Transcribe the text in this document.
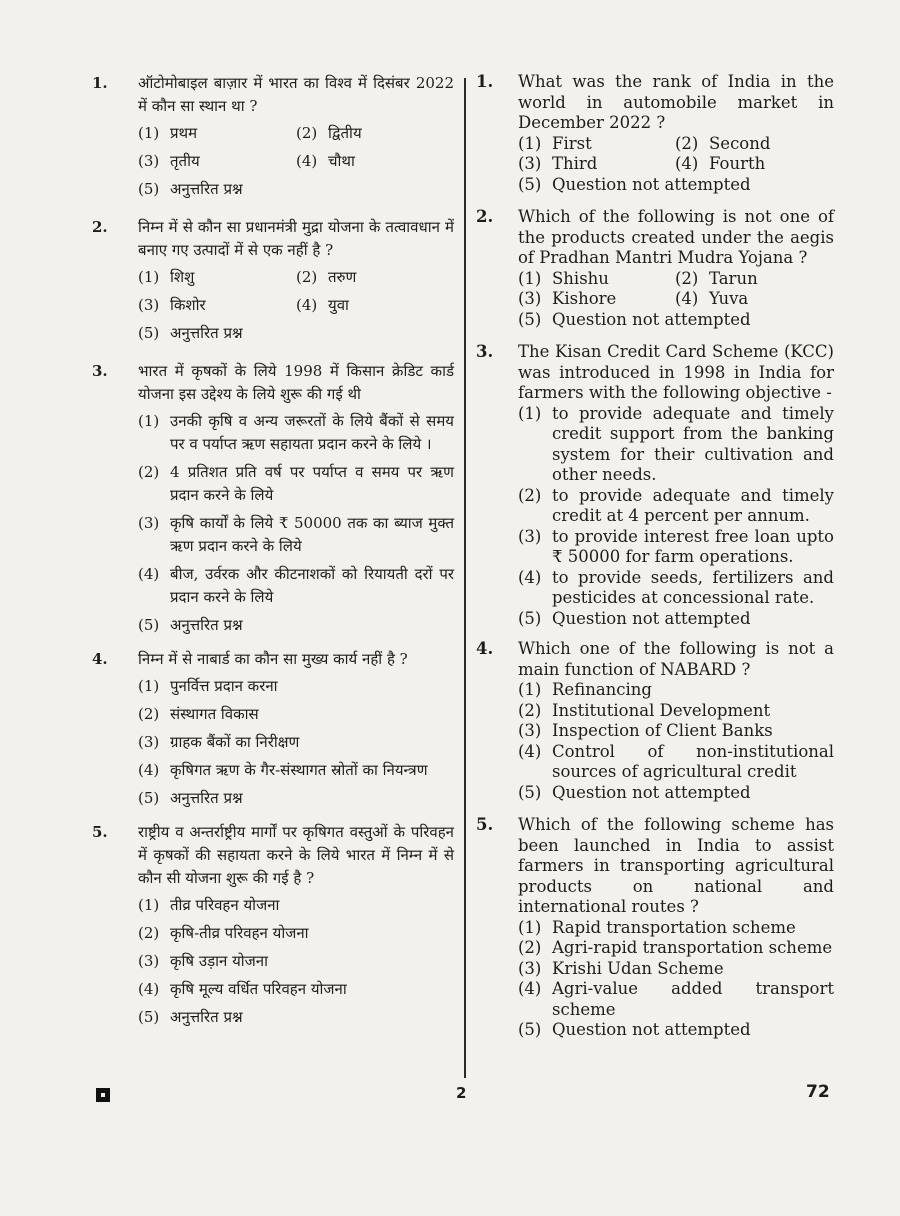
1.	ऑटोमोबाइल बाज़ार में भारत का विश्व में दिसंबर 2022 में कौन सा स्थान था ?
(1) प्रथम	(2) द्वितीय
(3) तृतीय	(4) चौथा
(5) अनुत्तरित प्रश्न
2.	निम्न में से कौन सा प्रधानमंत्री मुद्रा योजना के तत्वावधान में बनाए गए उत्पादों में से एक नहीं है ?
(1) शिशु	(2) तरुण
(3) किशोर	(4) युवा
(5) अनुत्तरित प्रश्न
3.	भारत में कृषकों के लिये 1998 में किसान क्रेडिट कार्ड योजना इस उद्देश्य के लिये शुरू की गई थी
(1) उनकी कृषि व अन्य जरूरतों के लिये बैंकों से समय पर व पर्याप्त ऋण सहायता प्रदान करने के लिये ।
(2) 4 प्रतिशत प्रति वर्ष पर पर्याप्त व समय पर ऋण प्रदान करने के लिये
(3) कृषि कार्यों के लिये ₹ 50000 तक का ब्याज मुक्त ऋण प्रदान करने के लिये
(4) बीज, उर्वरक और कीटनाशकों को रियायती दरों पर प्रदान करने के लिये
(5) अनुत्तरित प्रश्न
4.	निम्न में से नाबार्ड का कौन सा मुख्य कार्य नहीं है ?
(1) पुनर्वित्त प्रदान करना
(2) संस्थागत विकास
(3) ग्राहक बैंकों का निरीक्षण
(4) कृषिगत ऋण के गैर-संस्थागत स्रोतों का नियन्त्रण
(5) अनुत्तरित प्रश्न
5.	राष्ट्रीय व अन्तर्राष्ट्रीय मार्गों पर कृषिगत वस्तुओं के परिवहन में कृषकों की सहायता करने के लिये भारत में निम्न में से कौन सी योजना शुरू की गई है ?
(1) तीव्र परिवहन योजना
(2) कृषि-तीव्र परिवहन योजना
(3) कृषि उड़ान योजना
(4) कृषि मूल्य वर्धित परिवहन योजना
(5) अनुत्तरित प्रश्न
1.	What was the rank of India in the world in automobile market in December 2022 ?
(1) First	(2) Second
(3) Third	(4) Fourth
(5) Question not attempted
2.	Which of the following is not one of the products created under the aegis of Pradhan Mantri Mudra Yojana ?
(1) Shishu	(2) Tarun
(3) Kishore	(4) Yuva
(5) Question not attempted
3.	The Kisan Credit Card Scheme (KCC) was introduced in 1998 in India for farmers with the following objective -
(1) to provide adequate and timely credit support from the banking system for their cultivation and other needs.
(2) to provide adequate and timely credit at 4 percent per annum.
(3) to provide interest free loan upto ₹ 50000 for farm operations.
(4) to provide seeds, fertilizers and pesticides at concessional rate.
(5) Question not attempted
4.	Which one of the following is not a main function of NABARD ?
(1) Refinancing
(2) Institutional Development
(3) Inspection of Client Banks
(4) Control of non-institutional sources of agricultural credit
(5) Question not attempted
5.	Which of the following scheme has been launched in India to assist farmers in transporting agricultural products on national and international routes ?
(1) Rapid transportation scheme
(2) Agri-rapid transportation scheme
(3) Krishi Udan Scheme
(4) Agri-value added transport scheme
(5) Question not attempted
2	72
